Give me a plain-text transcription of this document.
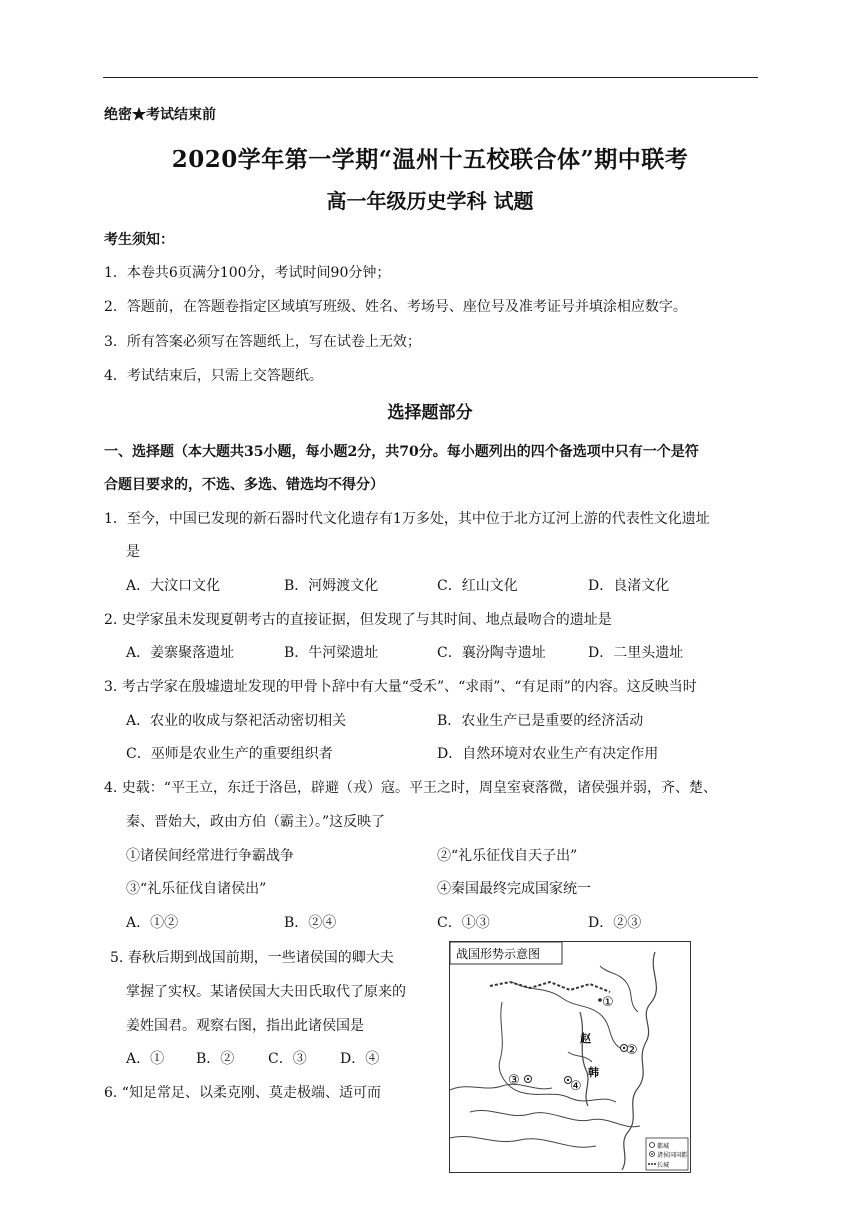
绝密★考试结束前
2020学年第一学期“温州十五校联合体”期中联考
高一年级历史学科 试题
考生须知：
1．本卷共6页满分100分，考试时间90分钟；
2．答题前，在答题卷指定区域填写班级、姓名、考场号、座位号及准考证号并填涂相应数字。
3．所有答案必须写在答题纸上，写在试卷上无效；
4．考试结束后，只需上交答题纸。
选择题部分
一、选择题（本大题共35小题，每小题2分，共70分。每小题列出的四个备选项中只有一个是符
合题目要求的，不选、多选、错选均不得分）
1．至今，中国已发现的新石器时代文化遗存有1万多处，其中位于北方辽河上游的代表性文化遗址
是
A．大汶口文化	B．河姆渡文化	C．红山文化	D．良渚文化
2. 史学家虽未发现夏朝考古的直接证据，但发现了与其时间、地点最吻合的遗址是
A．姜寨聚落遗址	B．牛河梁遗址	C．襄汾陶寺遗址	D．二里头遗址
3. 考古学家在殷墟遗址发现的甲骨卜辞中有大量“受禾”、“求雨”、“有足雨”的内容。这反映当时
A．农业的收成与祭祀活动密切相关	B．农业生产已是重要的经济活动
C．巫师是农业生产的重要组织者	D．自然环境对农业生产有决定作用
4. 史载：“平王立，东迁于洛邑，辟避（戎）寇。平王之时，周皇室衰落微，诸侯强并弱，齐、楚、
秦、晋始大，政由方伯（霸主）。”这反映了
①诸侯间经常进行争霸战争	②“礼乐征伐自天子出”
③“礼乐征伐自诸侯出”	④秦国最终完成国家统一
A．①②	B．②④	C．①③	D．②③
5. 春秋后期到战国前期，一些诸侯国的卿大夫
掌握了实权。某诸侯国大夫田氏取代了原来的
姜姓国君。观察右图，指出此诸侯国是
A．① B．② C．③ D．④
6. “知足常足、以柔克刚、莫走极端、适可而
战国形势示意图
①
②
③	④
赵
韩
都城
诸侯国国都
长城
